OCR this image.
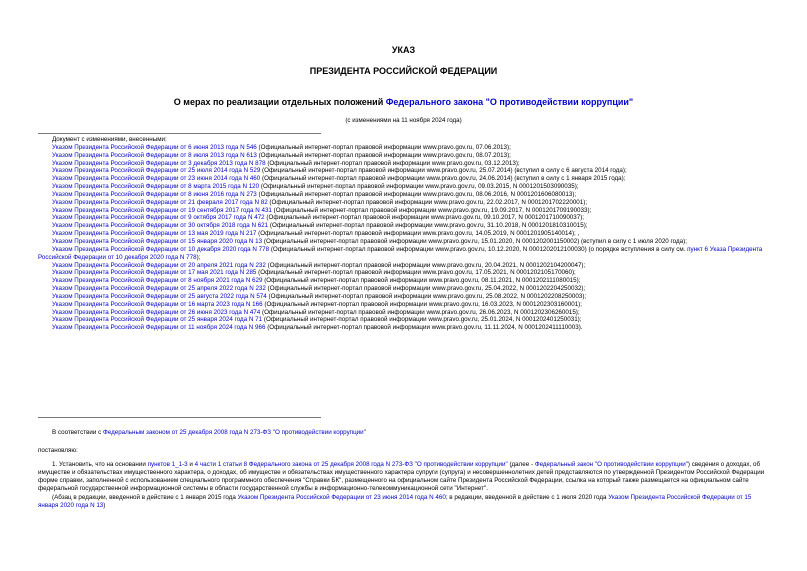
УКАЗ
ПРЕЗИДЕНТА РОССИЙСКОЙ ФЕДЕРАЦИИ
О мерах по реализации отдельных положений Федерального закона "О противодействии коррупции"
(с изменениями на 11 ноября 2024 года)
Документ с изменениями, внесенными:
Указом Президента Российской Федерации от 6 июня 2013 года N 546 (Официальный интернет-портал правовой информации www.pravo.gov.ru, 07.06.2013);
Указом Президента Российской Федерации от 8 июля 2013 года N 613 (Официальный интернет-портал правовой информации www.pravo.gov.ru, 08.07.2013);
Указом Президента Российской Федерации от 3 декабря 2013 года N 878 (Официальный интернет-портал правовой информации www.pravo.gov.ru, 03.12.2013);
Указом Президента Российской Федерации от 25 июля 2014 года N 529 (Официальный интернет-портал правовой информации www.pravo.gov.ru, 25.07.2014) (вступил в силу с 6 августа 2014 года);
Указом Президента Российской Федерации от 23 июня 2014 года N 460 (Официальный интернет-портал правовой информации www.pravo.gov.ru, 24.06.2014) (вступил в силу с 1 января 2015 года);
Указом Президента Российской Федерации от 8 марта 2015 года N 120 (Официальный интернет-портал правовой информации www.pravo.gov.ru, 09.03.2015, N 0001201503090035);
Указом Президента Российской Федерации от 8 июня 2016 года N 273 (Официальный интернет-портал правовой информации www.pravo.gov.ru, 08.06.2016, N 0001201606080013);
Указом Президента Российской Федерации от 21 февраля 2017 года N 82 (Официальный интернет-портал правовой информации www.pravo.gov.ru, 22.02.2017, N 0001201702220001);
Указом Президента Российской Федерации от 19 сентября 2017 года N 431 (Официальный интернет-портал правовой информации www.pravo.gov.ru, 19.09.2017, N 0001201709190033);
Указом Президента Российской Федерации от 9 октября 2017 года N 472 (Официальный интернет-портал правовой информации www.pravo.gov.ru, 09.10.2017, N 0001201710090037);
Указом Президента Российской Федерации от 30 октября 2018 года N 621 (Официальный интернет-портал правовой информации www.pravo.gov.ru, 31.10.2018, N 0001201810310015);
Указом Президента Российской Федерации от 13 мая 2019 года N 217 (Официальный интернет-портал правовой информации www.pravo.gov.ru, 14.05.2019, N 0001201905140014); ,
Указом Президента Российской Федерации от 15 января 2020 года N 13 (Официальный интернет-портал правовой информации www.pravo.gov.ru, 15.01.2020, N 0001202001150002) (вступил в силу с 1 июля 2020 года);
Указом Президента Российской Федерации от 10 декабря 2020 года N 778 (Официальный интернет-портал правовой информации www.pravo.gov.ru, 10.12.2020, N 0001202012100030) (о порядке вступления в силу см. пункт 6 Указа Президента Российской Федерации от 10 декабря 2020 года N 778);
Указом Президента Российской Федерации от 20 апреля 2021 года N 232 (Официальный интернет-портал правовой информации www.pravo.gov.ru, 20.04.2021, N 0001202104200047);
Указом Президента Российской Федерации от 17 мая 2021 года N 285 (Официальный интернет-портал правовой информации www.pravo.gov.ru, 17.05.2021, N 0001202105170060);
Указом Президента Российской Федерации от 8 ноября 2021 года N 629 (Официальный интернет-портал правовой информации www.pravo.gov.ru, 08.11.2021, N 0001202111080015);
Указом Президента Российской Федерации от 25 апреля 2022 года N 232 (Официальный интернет-портал правовой информации www.pravo.gov.ru, 25.04.2022, N 0001202204250032);
Указом Президента Российской Федерации от 25 августа 2022 года N 574 (Официальный интернет-портал правовой информации www.pravo.gov.ru, 25.08.2022, N 0001202208250003);
Указом Президента Российской Федерации от 16 марта 2023 года N 166 (Официальный интернет-портал правовой информации www.pravo.gov.ru, 16.03.2023, N 0001202303160001);
Указом Президента Российской Федерации от 26 июня 2023 года N 474 (Официальный интернет-портал правовой информации www.pravo.gov.ru, 26.06.2023, N 0001202306260015);
Указом Президента Российской Федерации от 25 января 2024 года N 71 (Официальный интернет-портал правовой информации www.pravo.gov.ru, 25.01.2024, N 0001202401250031);
Указом Президента Российской Федерации от 11 ноября 2024 года N 966 (Официальный интернет-портал правовой информации www.pravo.gov.ru, 11.11.2024, N 0001202411110003).

В соответствии с Федеральным законом от 25 декабря 2008 года N 273-ФЗ "О противодействии коррупции"

постановляю:

1. Установить, что на основании пунктов 1_1-3 и 4 части 1 статьи 8 Федерального закона от 25 декабря 2008 года N 273-ФЗ "О противодействии коррупции" (далее - Федеральный закон "О противодействии коррупции") сведения о доходах, об имуществе и обязательствах имущественного характера, о доходах, об имуществе и обязательствах имущественного характера супруги (супруга) и несовершеннолетних детей представляются по утвержденной Президентом Российской Федерации форме справки, заполненной с использованием специального программного обеспечения "Справки БК", размещенного на официальном сайте Президента Российской Федерации, ссылка на который также размещается на официальном сайте федеральной государственной информационной системы в области государственной службы в информационно-телекоммуникационной сети "Интернет".

(Абзац в редакции, введенной в действие с 1 января 2015 года Указом Президента Российской Федерации от 23 июня 2014 года N 460; в редакции, введенной в действие с 1 июля 2020 года Указом Президента Российской Федерации от 15 января 2020 года N 13)
